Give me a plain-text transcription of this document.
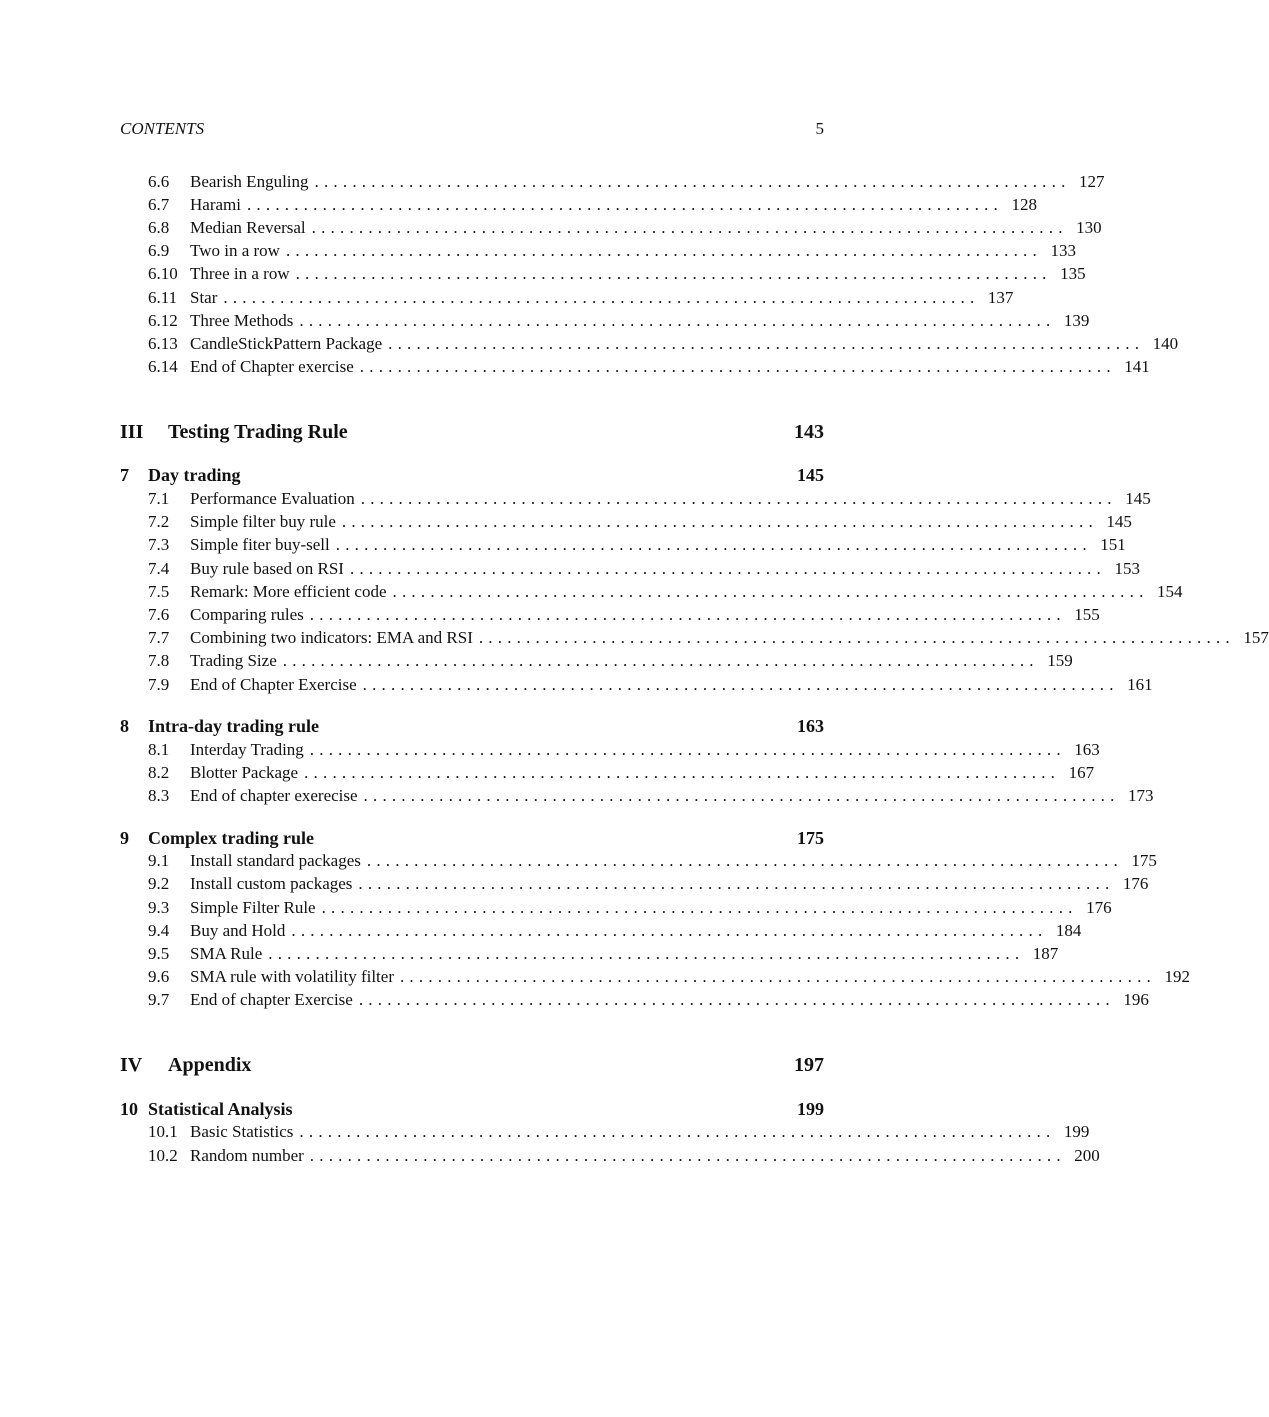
CONTENTS	5
6.6	Bearish Enguling ................................................................................ 127
6.7	Harami ................................................................................ 128
6.8	Median Reversal ................................................................................ 130
6.9	Two in a row ................................................................................ 133
6.10 Three in a row ................................................................................ 135
6.11 Star ................................................................................ 137
6.12 Three Methods ................................................................................ 139
6.13 CandleStickPattern Package ................................................................................ 140
6.14 End of Chapter exercise ................................................................................ 141
III	Testing Trading Rule	143
7	Day trading	145
7.1	Performance Evaluation ................................................................................ 145
7.2	Simple filter buy rule ................................................................................ 145
7.3	Simple fiter buy-sell ................................................................................ 151
7.4	Buy rule based on RSI ................................................................................ 153
7.5	Remark: More efficient code ................................................................................ 154
7.6	Comparing rules ................................................................................ 155
7.7	Combining two indicators: EMA and RSI ................................................................................ 157
7.8	Trading Size ................................................................................ 159
7.9	End of Chapter Exercise ................................................................................ 161
8	Intra-day trading rule	163
8.1	Interday Trading ................................................................................ 163
8.2	Blotter Package ................................................................................ 167
8.3	End of chapter exerecise ................................................................................ 173
9	Complex trading rule	175
9.1	Install standard packages ................................................................................ 175
9.2	Install custom packages ................................................................................ 176
9.3	Simple Filter Rule ................................................................................ 176
9.4	Buy and Hold ................................................................................ 184
9.5	SMA Rule ................................................................................ 187
9.6	SMA rule with volatility filter ................................................................................ 192
9.7	End of chapter Exercise ................................................................................ 196
IV	Appendix	197
10 Statistical Analysis	199
10.1 Basic Statistics ................................................................................ 199
10.2 Random number ................................................................................ 200
